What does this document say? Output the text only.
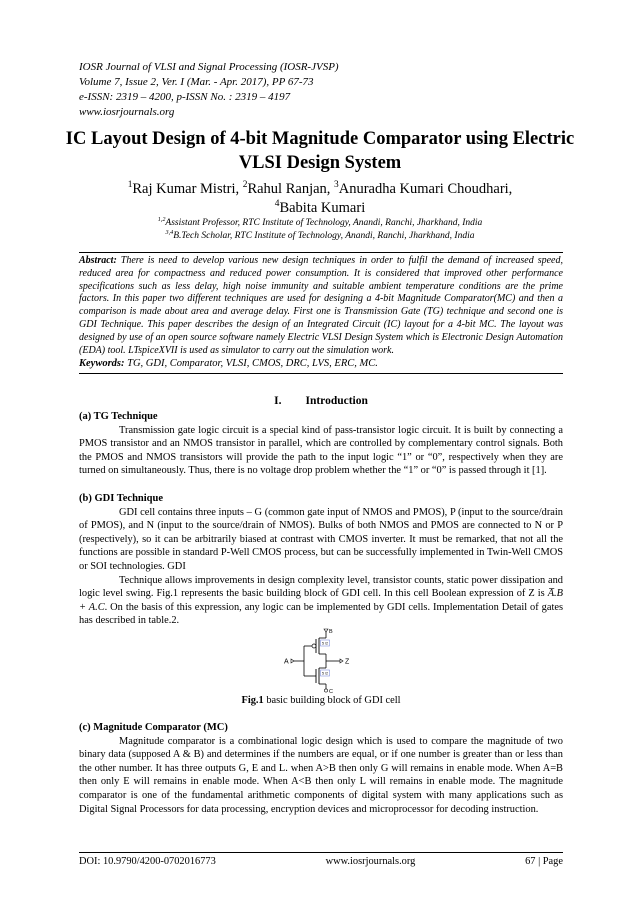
IOSR Journal of VLSI and Signal Processing (IOSR-JVSP)
Volume 7, Issue 2, Ver. I (Mar. - Apr. 2017), PP 67-73
e-ISSN: 2319 – 4200, p-ISSN No. : 2319 – 4197
www.iosrjournals.org
IC Layout Design of 4-bit Magnitude Comparator using Electric
VLSI Design System
$^1$Raj Kumar Mistri, $^2$Rahul Ranjan, $^3$Anuradha Kumari Choudhari,
$^4$Babita Kumari
$^{1,2}$Assistant Professor, RTC Institute of Technology, Anandi, Ranchi, Jharkhand, India
$^{3,4}$B.Tech Scholar, RTC Institute of Technology, Anandi, Ranchi, Jharkhand, India

Abstract: There is need to develop various new design techniques in order to fulfil the demand of increased speed, reduced area for compactness and reduced power consumption. It is considered that improved other performance specifications such as less delay, high noise immunity and suitable ambient temperature conditions are the prime factors. In this paper two different techniques are used for designing a 4-bit Magnitude Comparator(MC) and then a comparison is made about area and average delay. First one is Transmission Gate (TG) technique and second one is GDI Technique. This paper describes the design of an Integrated Circuit (IC) layout for a 4-bit MC. The layout was designed by use of an open source software namely Electric VLSI Design System which is Electronic Design Automation (EDA) tool. LTspiceXVII is used as simulator to carry out the simulation work.

Keywords: TG, GDI, Comparator, VLSI, CMOS, DRC, LVS, ERC, MC.

I. Introduction
(a) TG Technique

Transmission gate logic circuit is a special kind of pass-transistor logic circuit. It is built by connecting a PMOS transistor and an NMOS transistor in parallel, which are controlled by complementary control signals. Both the PMOS and NMOS transistors will provide the path to the input logic “1” or “0”, respectively when they are turned on simultaneously. Thus, there is no voltage drop problem whether the “1” or “0” is passed through it [1].

(b) GDI Technique

GDI cell contains three inputs – G (common gate input of NMOS and PMOS), P (input to the source/drain of PMOS), and N (input to the source/drain of NMOS). Bulks of both NMOS and PMOS are connected to N or P (respectively), so it can be arbitrarily biased at contrast with CMOS inverter. It must be remarked, that not all the functions are possible in standard P-Well CMOS process, but can be successfully implemented in Twin-Well CMOS or SOI technologies. GDI

Technique allows improvements in design complexity level, transistor counts, static power dissipation and logic level swing. Fig.1 represents the basic building block of GDI cell. In this cell Boolean expression of Z is A̅.B + A.C. On the basis of this expression, any logic can be implemented by GDI cells. Implementation Detail of gates has described in table.2.

5 /2
5 /2
A	Z
B
C
Fig.1 basic building block of GDI cell
(c) Magnitude Comparator (MC)

Magnitude comparator is a combinational logic design which is used to compare the magnitude of two binary data (supposed A & B) and determines if the numbers are equal, or if one number is greater than or less than the other number. It has three outputs G, E and L. when A>B then only G will remains in enable mode. When A=B then only E will remains in enable mode. When A<B then only L will remains in enable mode. The magnitude comparator is one of the fundamental arithmetic components of digital system with many applications such as Digital Signal Processors for data processing, encryption devices and microprocessor for decoding instruction.

DOI: 10.9790/4200-0702016773	www.iosrjournals.org	67 | Page
